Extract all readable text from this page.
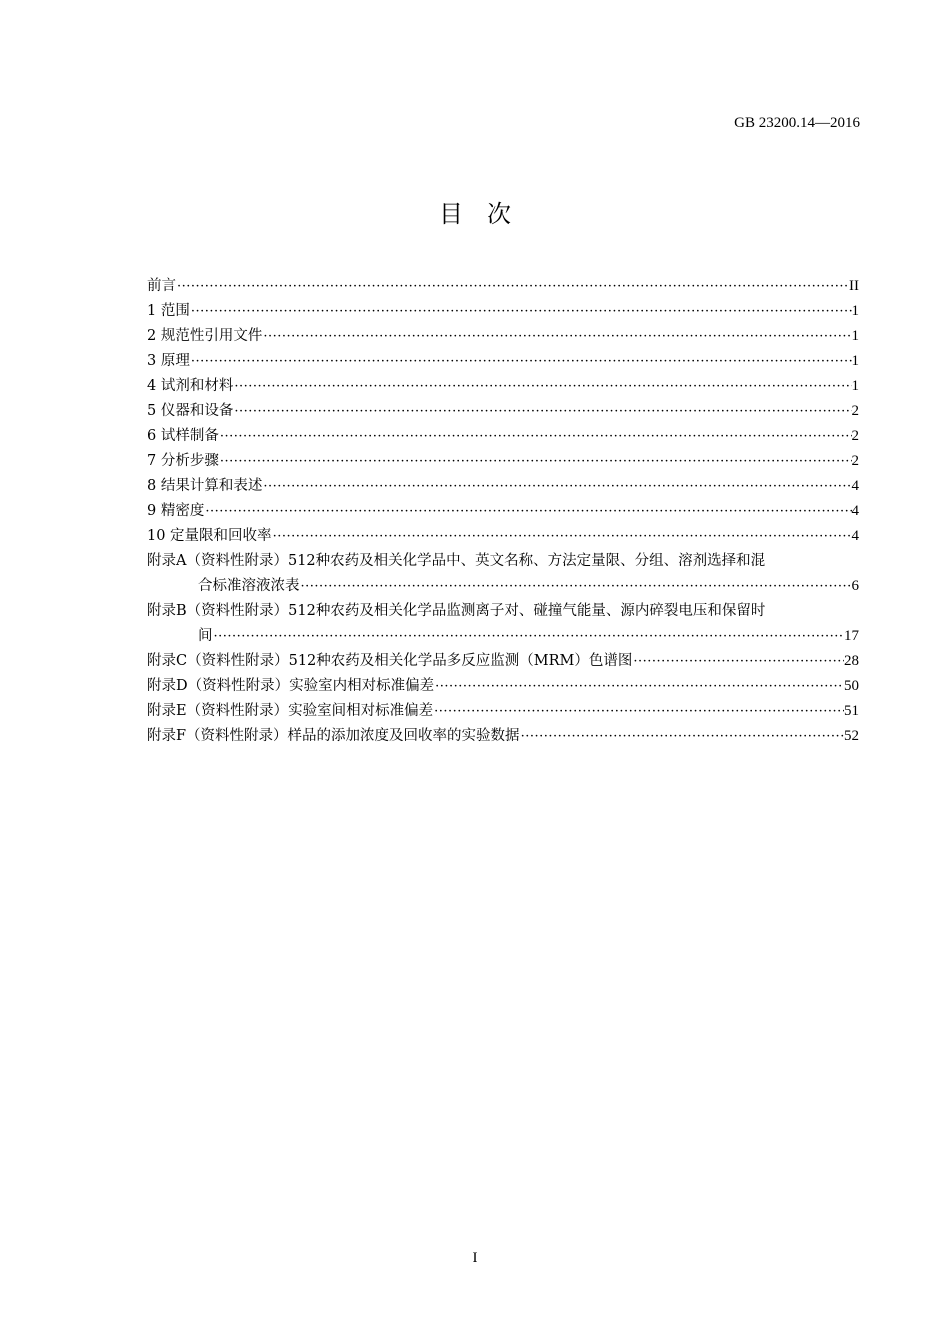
GB 23200.14—2016
目次
前言 ·····	II
1 范围 ·····	1
2 规范性引用文件 ·····	1
3 原理 ·····	1
4 试剂和材料 ·····	1
5 仪器和设备 ·····	2
6 试样制备 ·····	2
7 分析步骤 ·····	2
8 结果计算和表述 ·····	4
9 精密度 ·····	4
10 定量限和回收率 ·····	4
附录A（资料性附录）512种农药及相关化学品中、英文名称、方法定量限、分组、溶剂选择和混
合标准溶液浓表 ·····	6
附录B（资料性附录）512种农药及相关化学品监测离子对、碰撞气能量、源内碎裂电压和保留时
间 ·····	17
附录C（资料性附录）512种农药及相关化学品多反应监测（MRM）色谱图 ·····	28
附录D（资料性附录）实验室内相对标准偏差 ·····	50
附录E（资料性附录）实验室间相对标准偏差 ·····	51
附录F（资料性附录）样品的添加浓度及回收率的实验数据 ·····	52
I
